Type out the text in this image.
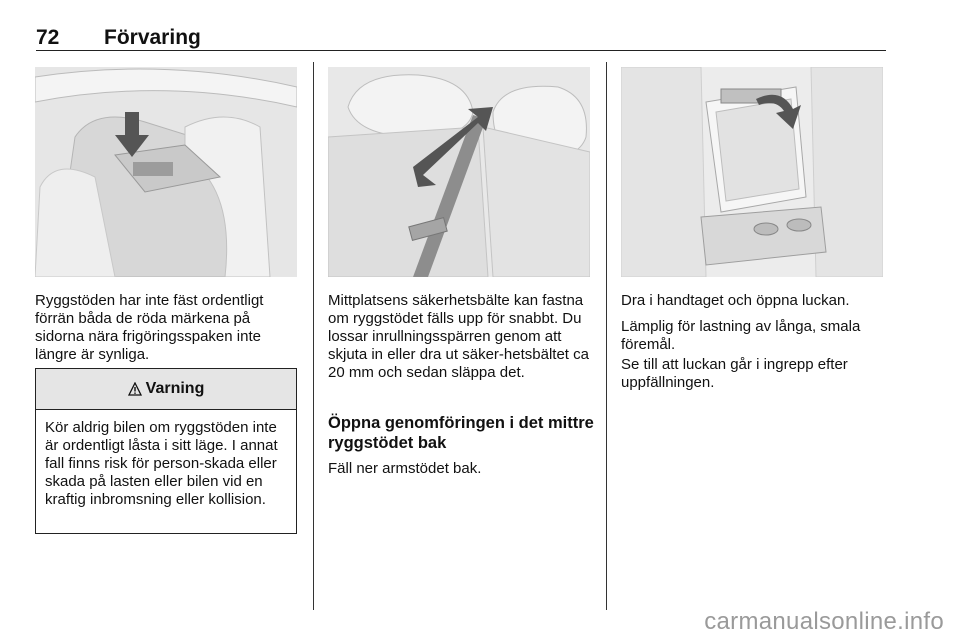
72 Förvaring

Ryggstöden har inte fäst ordentligt förrän båda de röda märkena på sidorna nära frigöringsspaken inte längre är synliga.

Varning

Kör aldrig bilen om ryggstöden inte är ordentligt låsta i sitt läge. I annat fall finns risk för person-skada eller skada på lasten eller bilen vid en kraftig inbromsning eller kollision.

Mittplatsens säkerhetsbälte kan fastna om ryggstödet fälls upp för snabbt. Du lossar inrullningsspärren genom att skjuta in eller dra ut säker-hetsbältet ca 20 mm och sedan släppa det.

Öppna genomföringen i det mittre ryggstödet bak

Fäll ner armstödet bak.

Dra i handtaget och öppna luckan.

Lämplig för lastning av långa, smala föremål.

Se till att luckan går i ingrepp efter uppfällningen.

carmanualsonline.info
